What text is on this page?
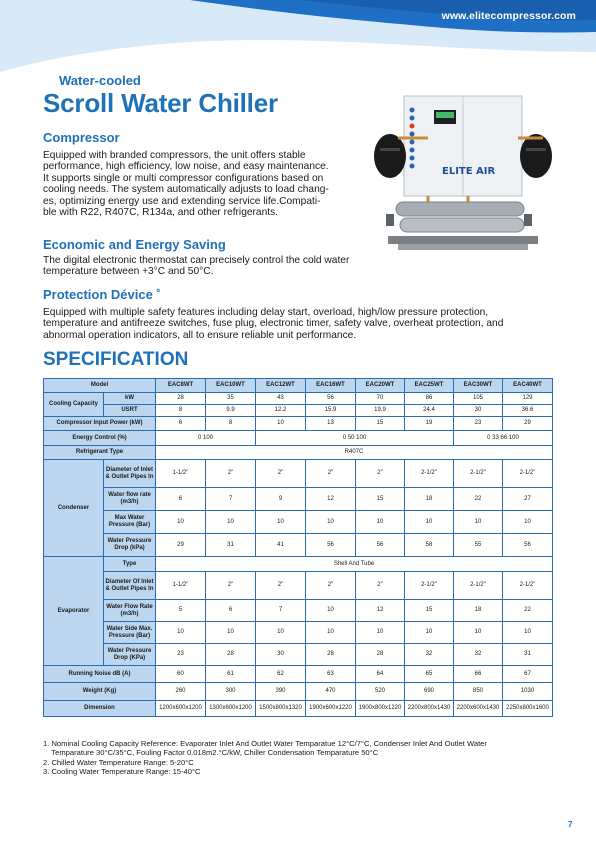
www.elitecompressor.com
Water-cooled
Scroll Water Chiller
ELITE AIR
Compressor
Equipped with branded compressors, the unit offers stable
performance, high efficiency, low noise, and easy maintenance.
It supports single or multi compressor configurations based on
cooling needs. The system automatically adjusts to load chang-
es, optimizing energy use and extending service life.Compati-
ble with R22, R407C, R134a, and other refrigerants.
Economic and Energy Saving
The digital electronic thermostat can precisely control the cold water
temperature between +3°C and 50°C.
Protection Dévice ˚
Equipped with multiple safety features including delay start, overload, high/low pressure protection,
temperature and antifreeze switches, fuse plug, electronic timer, safety valve, overheat protection, and
abnormal operation indicators, all to ensure reliable unit performance.
SPECIFICATION
Model		EAC8WT	EAC10WT	EAC12WT	EAC16WT	EAC20WT	EAC25WT	EAC30WT	EAC40WT
Cooling Capacity	kW	28	35	43	56	70	86	105	129
	USRT	8	9.9	12.2	15.9	19.9	24.4	30	36.6
Compressor Input Power (kW)		6	8	10	13	15	19	23	29
Energy Control (%)		0 100		0 50 100				0 33 66 100	
Refrigerant Type		R407C							
Condenser	Diameter of Inlet & Outlet Pipes In	1-1/2"	2"	2"	2"	2"	2-1/2"	2-1/2"	2-1/2"
	Water flow rate (m3/h)	6	7	9	12	15	18	22	27
	Max Water Pressure (Bar)	10	10	10	10	10	10	10	10
	Water Pressure Drop (kPa)	29	31	41	56	56	58	55	56
Evaporator	Type	Shell And Tube							
	Diameter Of Inlet & Outlet Pipes In	1-1/2"	2"	2"	2"	2"	2-1/2"	2-1/2"	2-1/2"
	Water Flow Rate (m3/h)	5	6	7	10	12	15	18	22
	Water Side Max. Pressure (Bar)	10	10	10	10	10	10	10	10
	Water Pressure Drop (KPa)	23	28	30	28	28	32	32	31
Running Noise dB (A)		60	61	62	63	64	65	66	67
Weight (Kg)		260	300	390	470	520	690	850	1030
Dimension		1200x600x1200	1300x600x1200	1500x800x1320	1900x600x1220	1900x800x1220	2200x800x1430	2200x600x1430	2250x800x1600
1. Nominal Cooling Capacity Reference: Evaporater Inlet And Outlet Water Temparatue 12°C/7°C, Condenser Inlet And Outlet Water
Temparature 30°C/35°C, Fouling Factor 0.018m2.°C/kW, Chiller Condensation Temparature 50°C
2. Chilled Water Temperature Range: 5-20°C
3. Cooling Water Temperature Range: 15-40°C
7
